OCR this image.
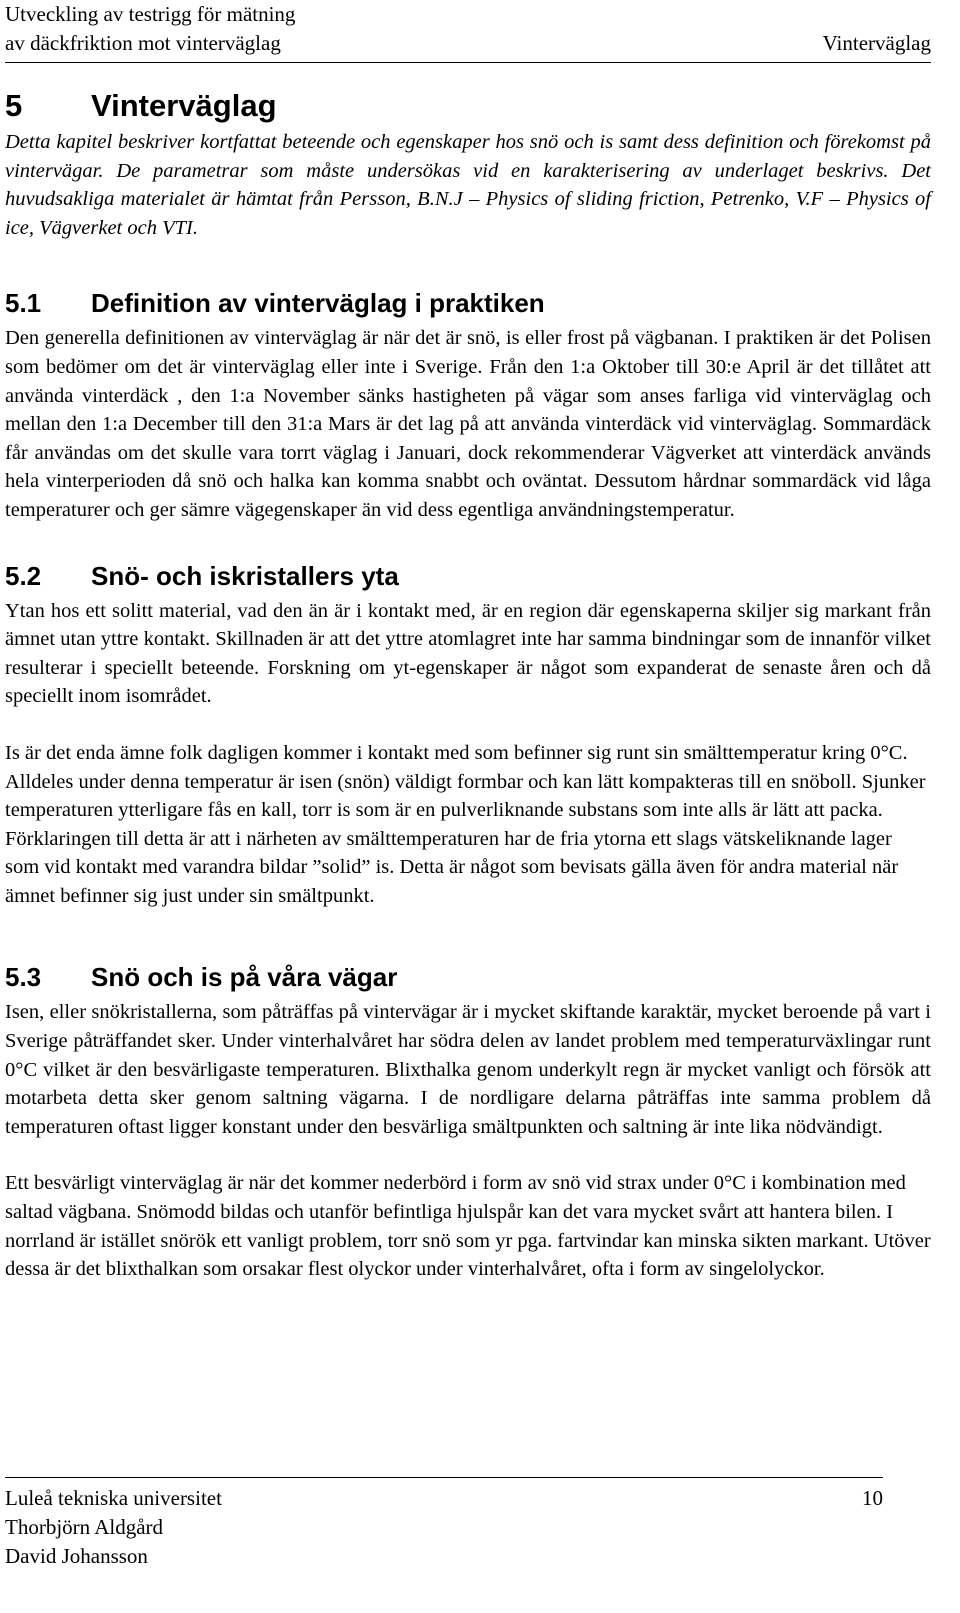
Utveckling av testrigg för mätning
av däckfriktion mot vinterväglag	Vinterväglag
5	Vinterväglag

Detta kapitel beskriver kortfattat beteende och egenskaper hos snö och is samt dess definition och förekomst på vintervägar. De parametrar som måste undersökas vid en karakterisering av underlaget beskrivs. Det huvudsakliga materialet är hämtat från Persson, B.N.J – Physics of sliding friction, Petrenko, V.F – Physics of ice, Vägverket och VTI.

5.1	Definition av vinterväglag i praktiken

Den generella definitionen av vinterväglag är när det är snö, is eller frost på vägbanan. I praktiken är det Polisen som bedömer om det är vinterväglag eller inte i Sverige. Från den 1:a Oktober till 30:e April är det tillåtet att använda vinterdäck , den 1:a November sänks hastigheten på vägar som anses farliga vid vinterväglag och mellan den 1:a December till den 31:a Mars är det lag på att använda vinterdäck vid vinterväglag. Sommardäck får användas om det skulle vara torrt väglag i Januari, dock rekommenderar Vägverket att vinterdäck används hela vinterperioden då snö och halka kan komma snabbt och oväntat. Dessutom hårdnar sommardäck vid låga temperaturer och ger sämre vägegenskaper än vid dess egentliga användningstemperatur.

5.2	Snö- och iskristallers yta

Ytan hos ett solitt material, vad den än är i kontakt med, är en region där egenskaperna skiljer sig markant från ämnet utan yttre kontakt. Skillnaden är att det yttre atomlagret inte har samma bindningar som de innanför vilket resulterar i speciellt beteende. Forskning om yt-egenskaper är något som expanderat de senaste åren och då speciellt inom isområdet.

Is är det enda ämne folk dagligen kommer i kontakt med som befinner sig runt sin smälttemperatur kring 0°C. Alldeles under denna temperatur är isen (snön) väldigt formbar och kan lätt kompakteras till en snöboll. Sjunker temperaturen ytterligare fås en kall, torr is som är en pulverliknande substans som inte alls är lätt att packa. Förklaringen till detta är att i närheten av smälttemperaturen har de fria ytorna ett slags vätskeliknande lager som vid kontakt med varandra bildar ”solid” is. Detta är något som bevisats gälla även för andra material när ämnet befinner sig just under sin smältpunkt.

5.3	Snö och is på våra vägar

Isen, eller snökristallerna, som påträffas på vintervägar är i mycket skiftande karaktär, mycket beroende på vart i Sverige påträffandet sker. Under vinterhalvåret har södra delen av landet problem med temperaturväxlingar runt 0°C vilket är den besvärligaste temperaturen. Blixthalka genom underkylt regn är mycket vanligt och försök att motarbeta detta sker genom saltning vägarna. I de nordligare delarna påträffas inte samma problem då temperaturen oftast ligger konstant under den besvärliga smältpunkten och saltning är inte lika nödvändigt.

Ett besvärligt vinterväglag är när det kommer nederbörd i form av snö vid strax under 0°C i kombination med saltad vägbana. Snömodd bildas och utanför befintliga hjulspår kan det vara mycket svårt att hantera bilen. I norrland är istället snörök ett vanligt problem, torr snö som yr pga. fartvindar kan minska sikten markant. Utöver dessa är det blixthalkan som orsakar flest olyckor under vinterhalvåret, ofta i form av singelolyckor.

Luleå tekniska universitet
Thorbjörn Aldgård
David Johansson
10
